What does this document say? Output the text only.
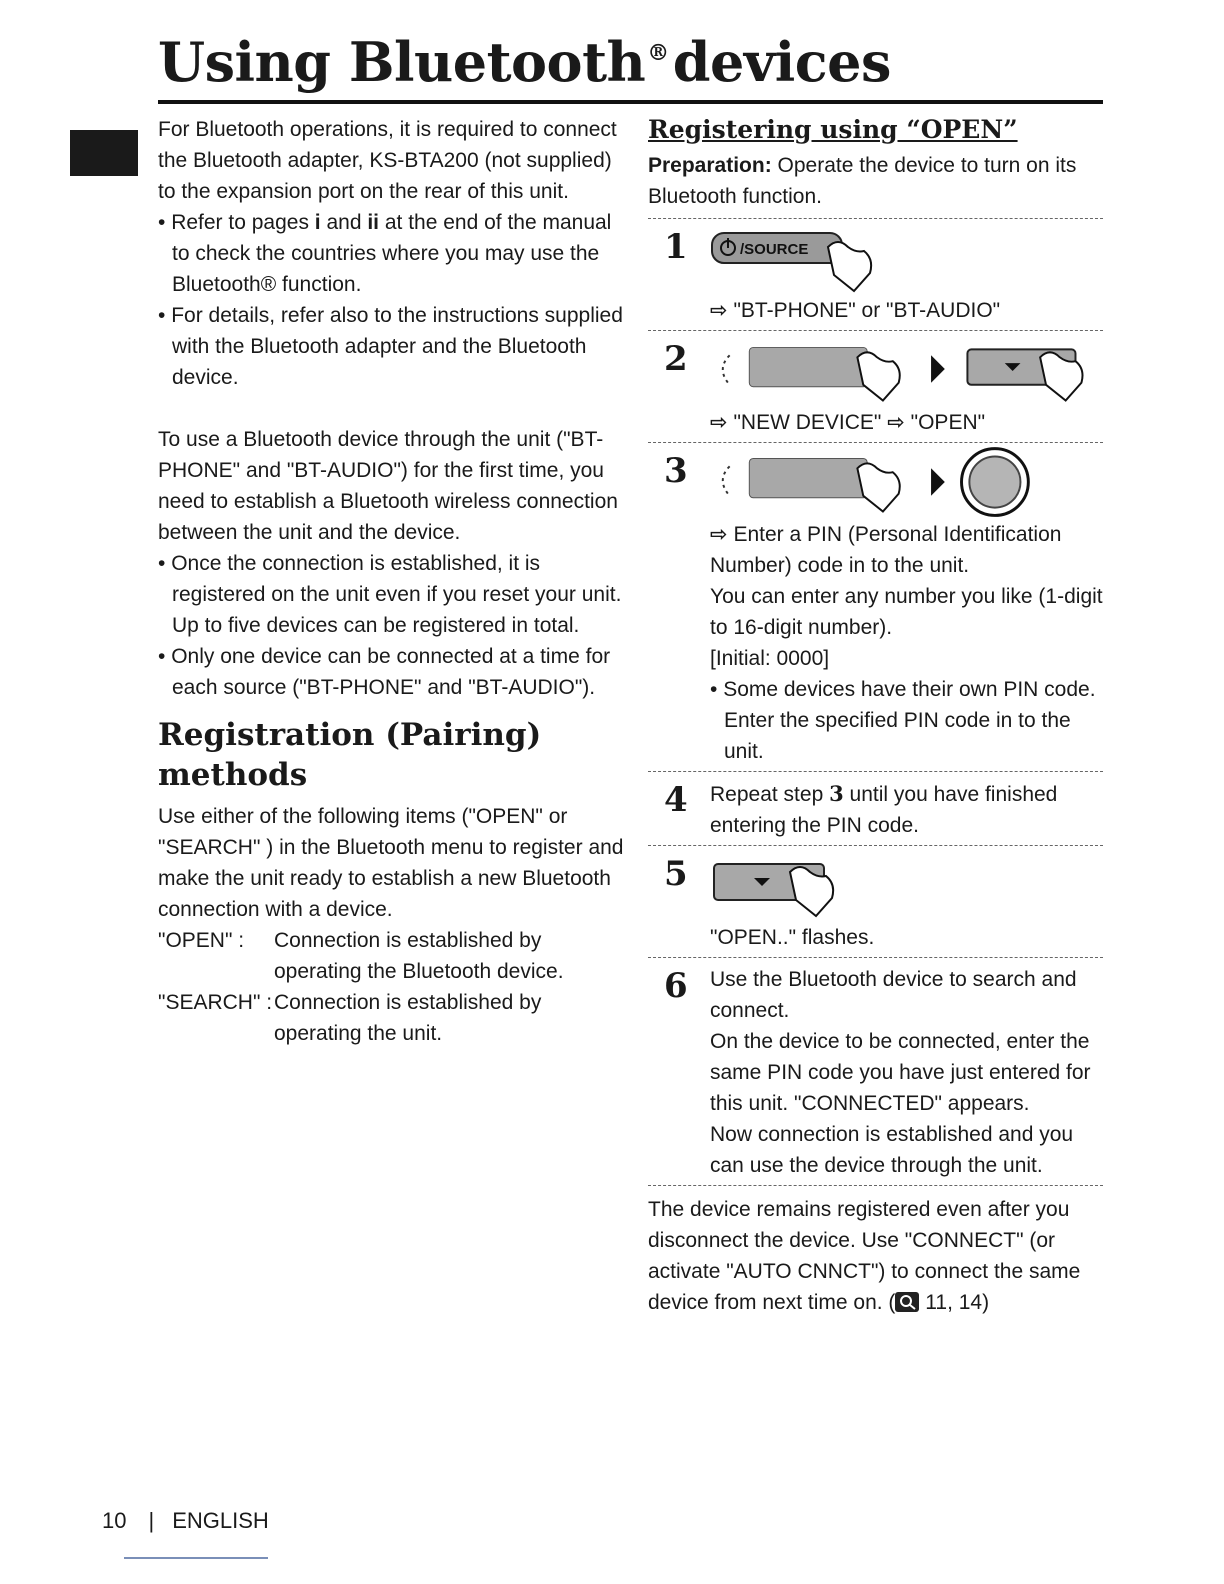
Using Bluetooth®devices

For Bluetooth operations, it is required to connect the Bluetooth adapter, KS-BTA200 (not supplied) to the expansion port on the rear of this unit.

• Refer to pages i and ii at the end of the manual to check the countries where you may use the Bluetooth® function.

• For details, refer also to the instructions supplied with the Bluetooth adapter and the Bluetooth device.

To use a Bluetooth device through the unit ("BT-PHONE" and "BT-AUDIO") for the first time, you need to establish a Bluetooth wireless connection between the unit and the device.

• Once the connection is established, it is registered on the unit even if you reset your unit. Up to five devices can be registered in total.

• Only one device can be connected at a time for each source ("BT-PHONE" and "BT-AUDIO").

Registration (Pairing) methods

Use either of the following items ("OPEN" or "SEARCH" ) in the Bluetooth menu to register and make the unit ready to establish a new Bluetooth connection with a device.

"OPEN" :	Connection is established by operating the Bluetooth device.
"SEARCH" : Connection is established by operating the unit.
Registering using “OPEN”

Preparation: Operate the device to turn on its Bluetooth function.

1	/SOURCE

⇨ "BT-PHONE" or "BT-AUDIO"

2

⇨ "NEW DEVICE" ⇨ "OPEN"

3

⇨ Enter a PIN (Personal Identification Number) code in to the unit.

You can enter any number you like (1-digit to 16-digit number).

[Initial: 0000]

• Some devices have their own PIN code. Enter the specified PIN code in to the unit.

4 Repeat step 3 until you have finished entering the PIN code.

5

"OPEN.." flashes.

6 Use the Bluetooth device to search and connect.

On the device to be connected, enter the same PIN code you have just entered for this unit. "CONNECTED" appears.

Now connection is established and you can use the device through the unit.

The device remains registered even after you disconnect the device. Use "CONNECT" (or activate "AUTO CNNCT") to connect the same device from next time on. ( 11, 14)

10 | ENGLISH
